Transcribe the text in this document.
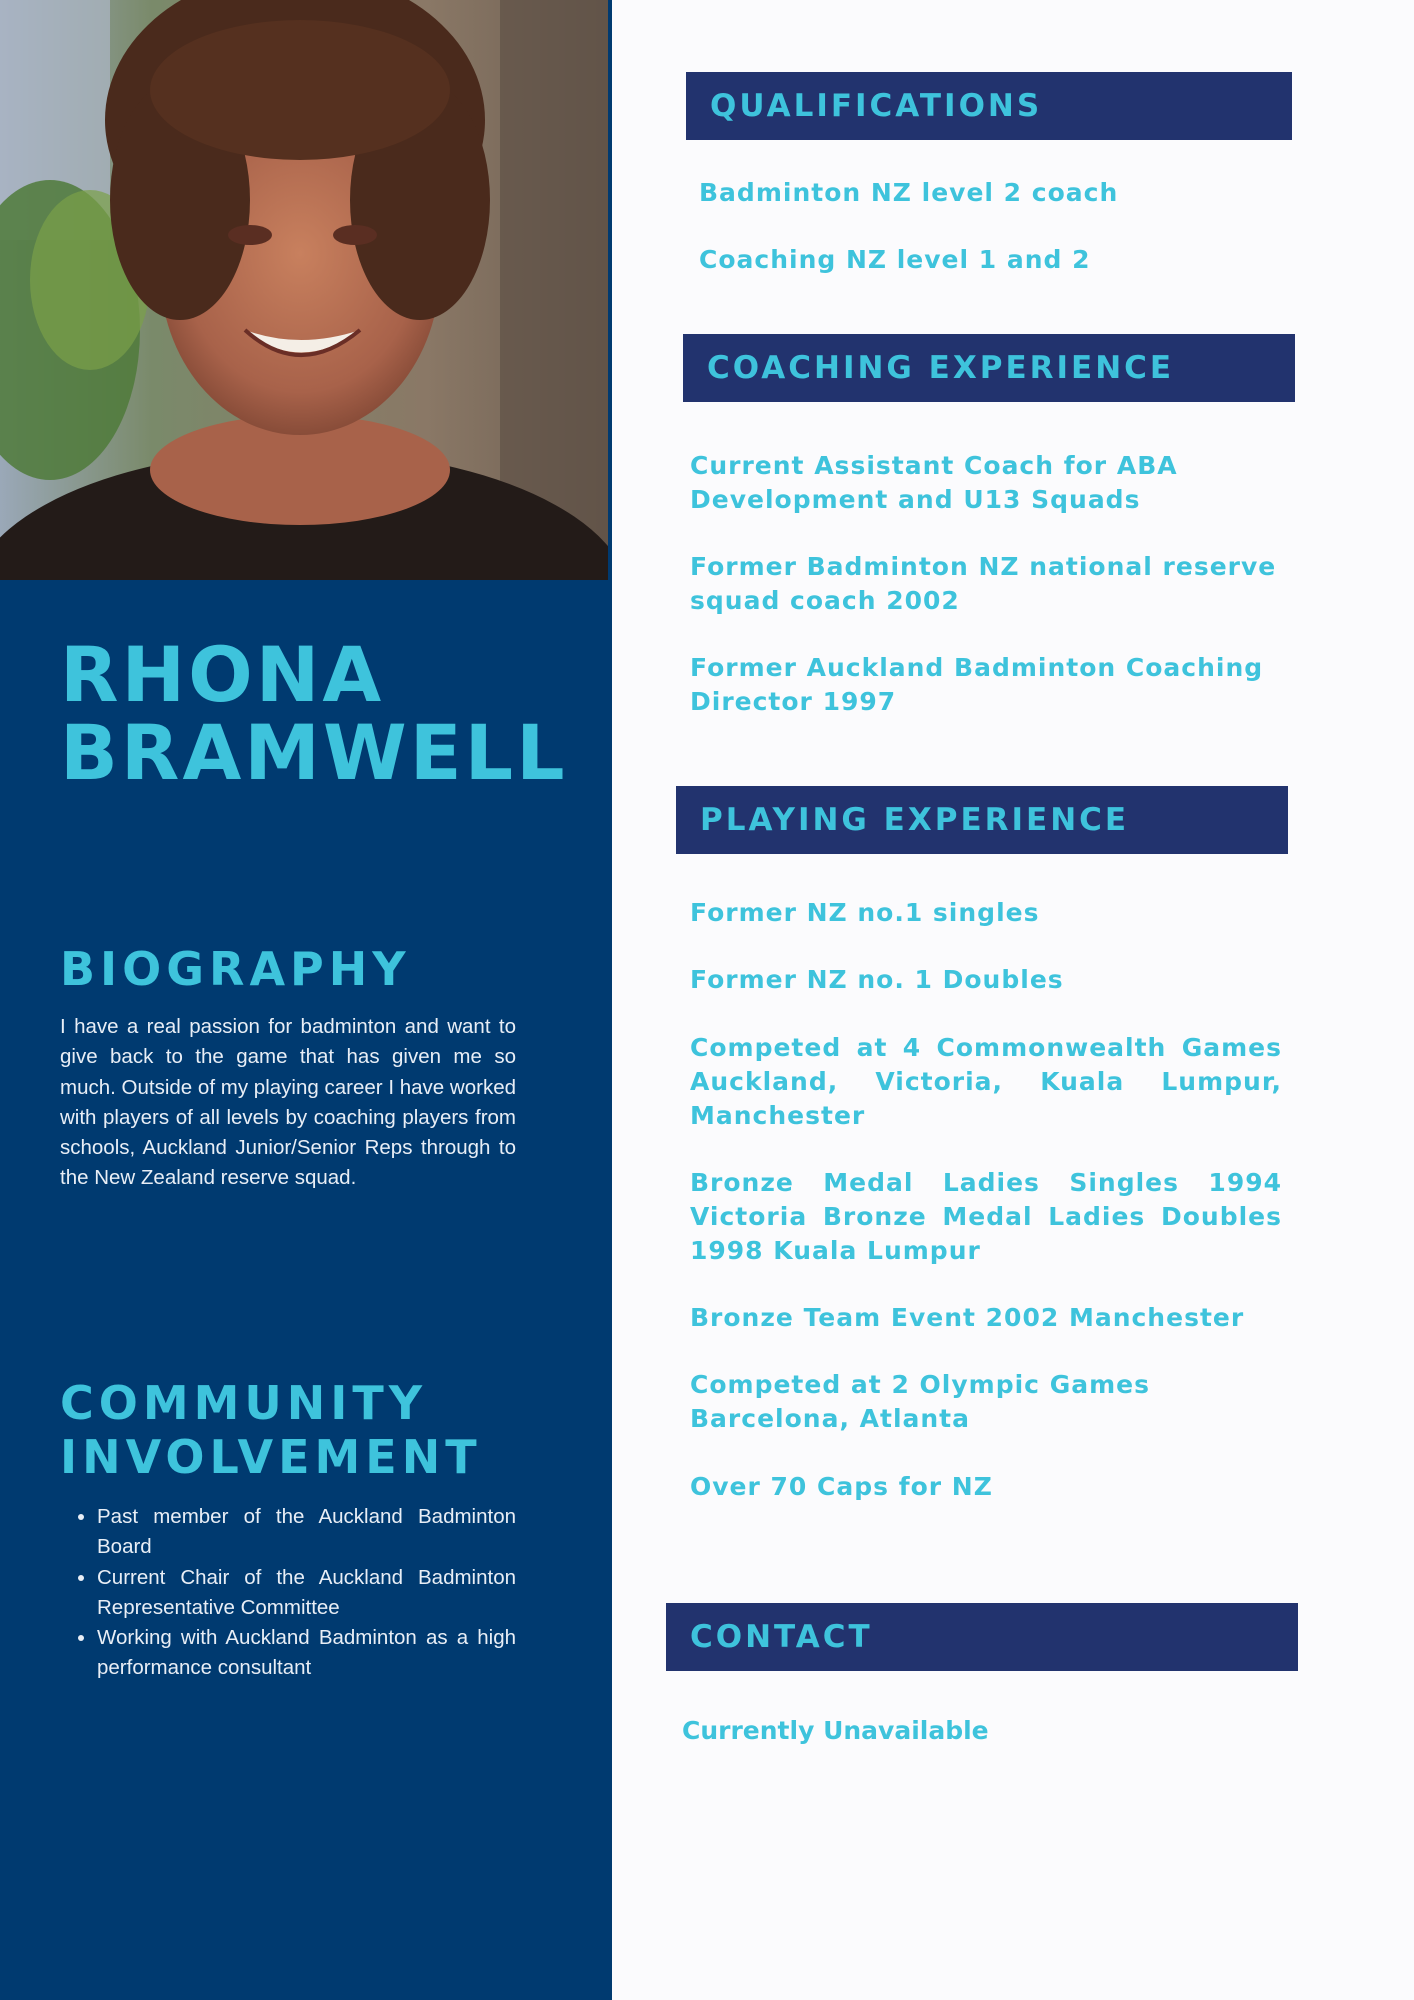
RHONA
BRAMWELL
BIOGRAPHY

I have a real passion for badminton and want to give back to the game that has given me so much. Outside of my playing career I have worked with players of all levels by coaching players from schools, Auckland Junior/Senior Reps through to the New Zealand reserve squad.

COMMUNITY
INVOLVEMENT
• Past member of the Auckland Badminton Board
• Current Chair of the Auckland Badminton Representative Committee
• Working with Auckland Badminton as a high performance consultant
QUALIFICATIONS

Badminton NZ level 2 coach

Coaching NZ level 1 and 2

COACHING EXPERIENCE

Current Assistant Coach for ABA Development and U13 Squads

Former Badminton NZ national reserve squad coach 2002

Former Auckland Badminton Coaching Director 1997

PLAYING EXPERIENCE

Former NZ no.1 singles

Former NZ no. 1 Doubles

Competed at 4 Commonwealth Games Auckland, Victoria, Kuala Lumpur, Manchester

Bronze Medal Ladies Singles 1994 Victoria Bronze Medal Ladies Doubles 1998 Kuala Lumpur

Bronze Team Event 2002 Manchester

Competed at 2 Olympic Games Barcelona, Atlanta

Over 70 Caps for NZ

CONTACT

Currently Unavailable
